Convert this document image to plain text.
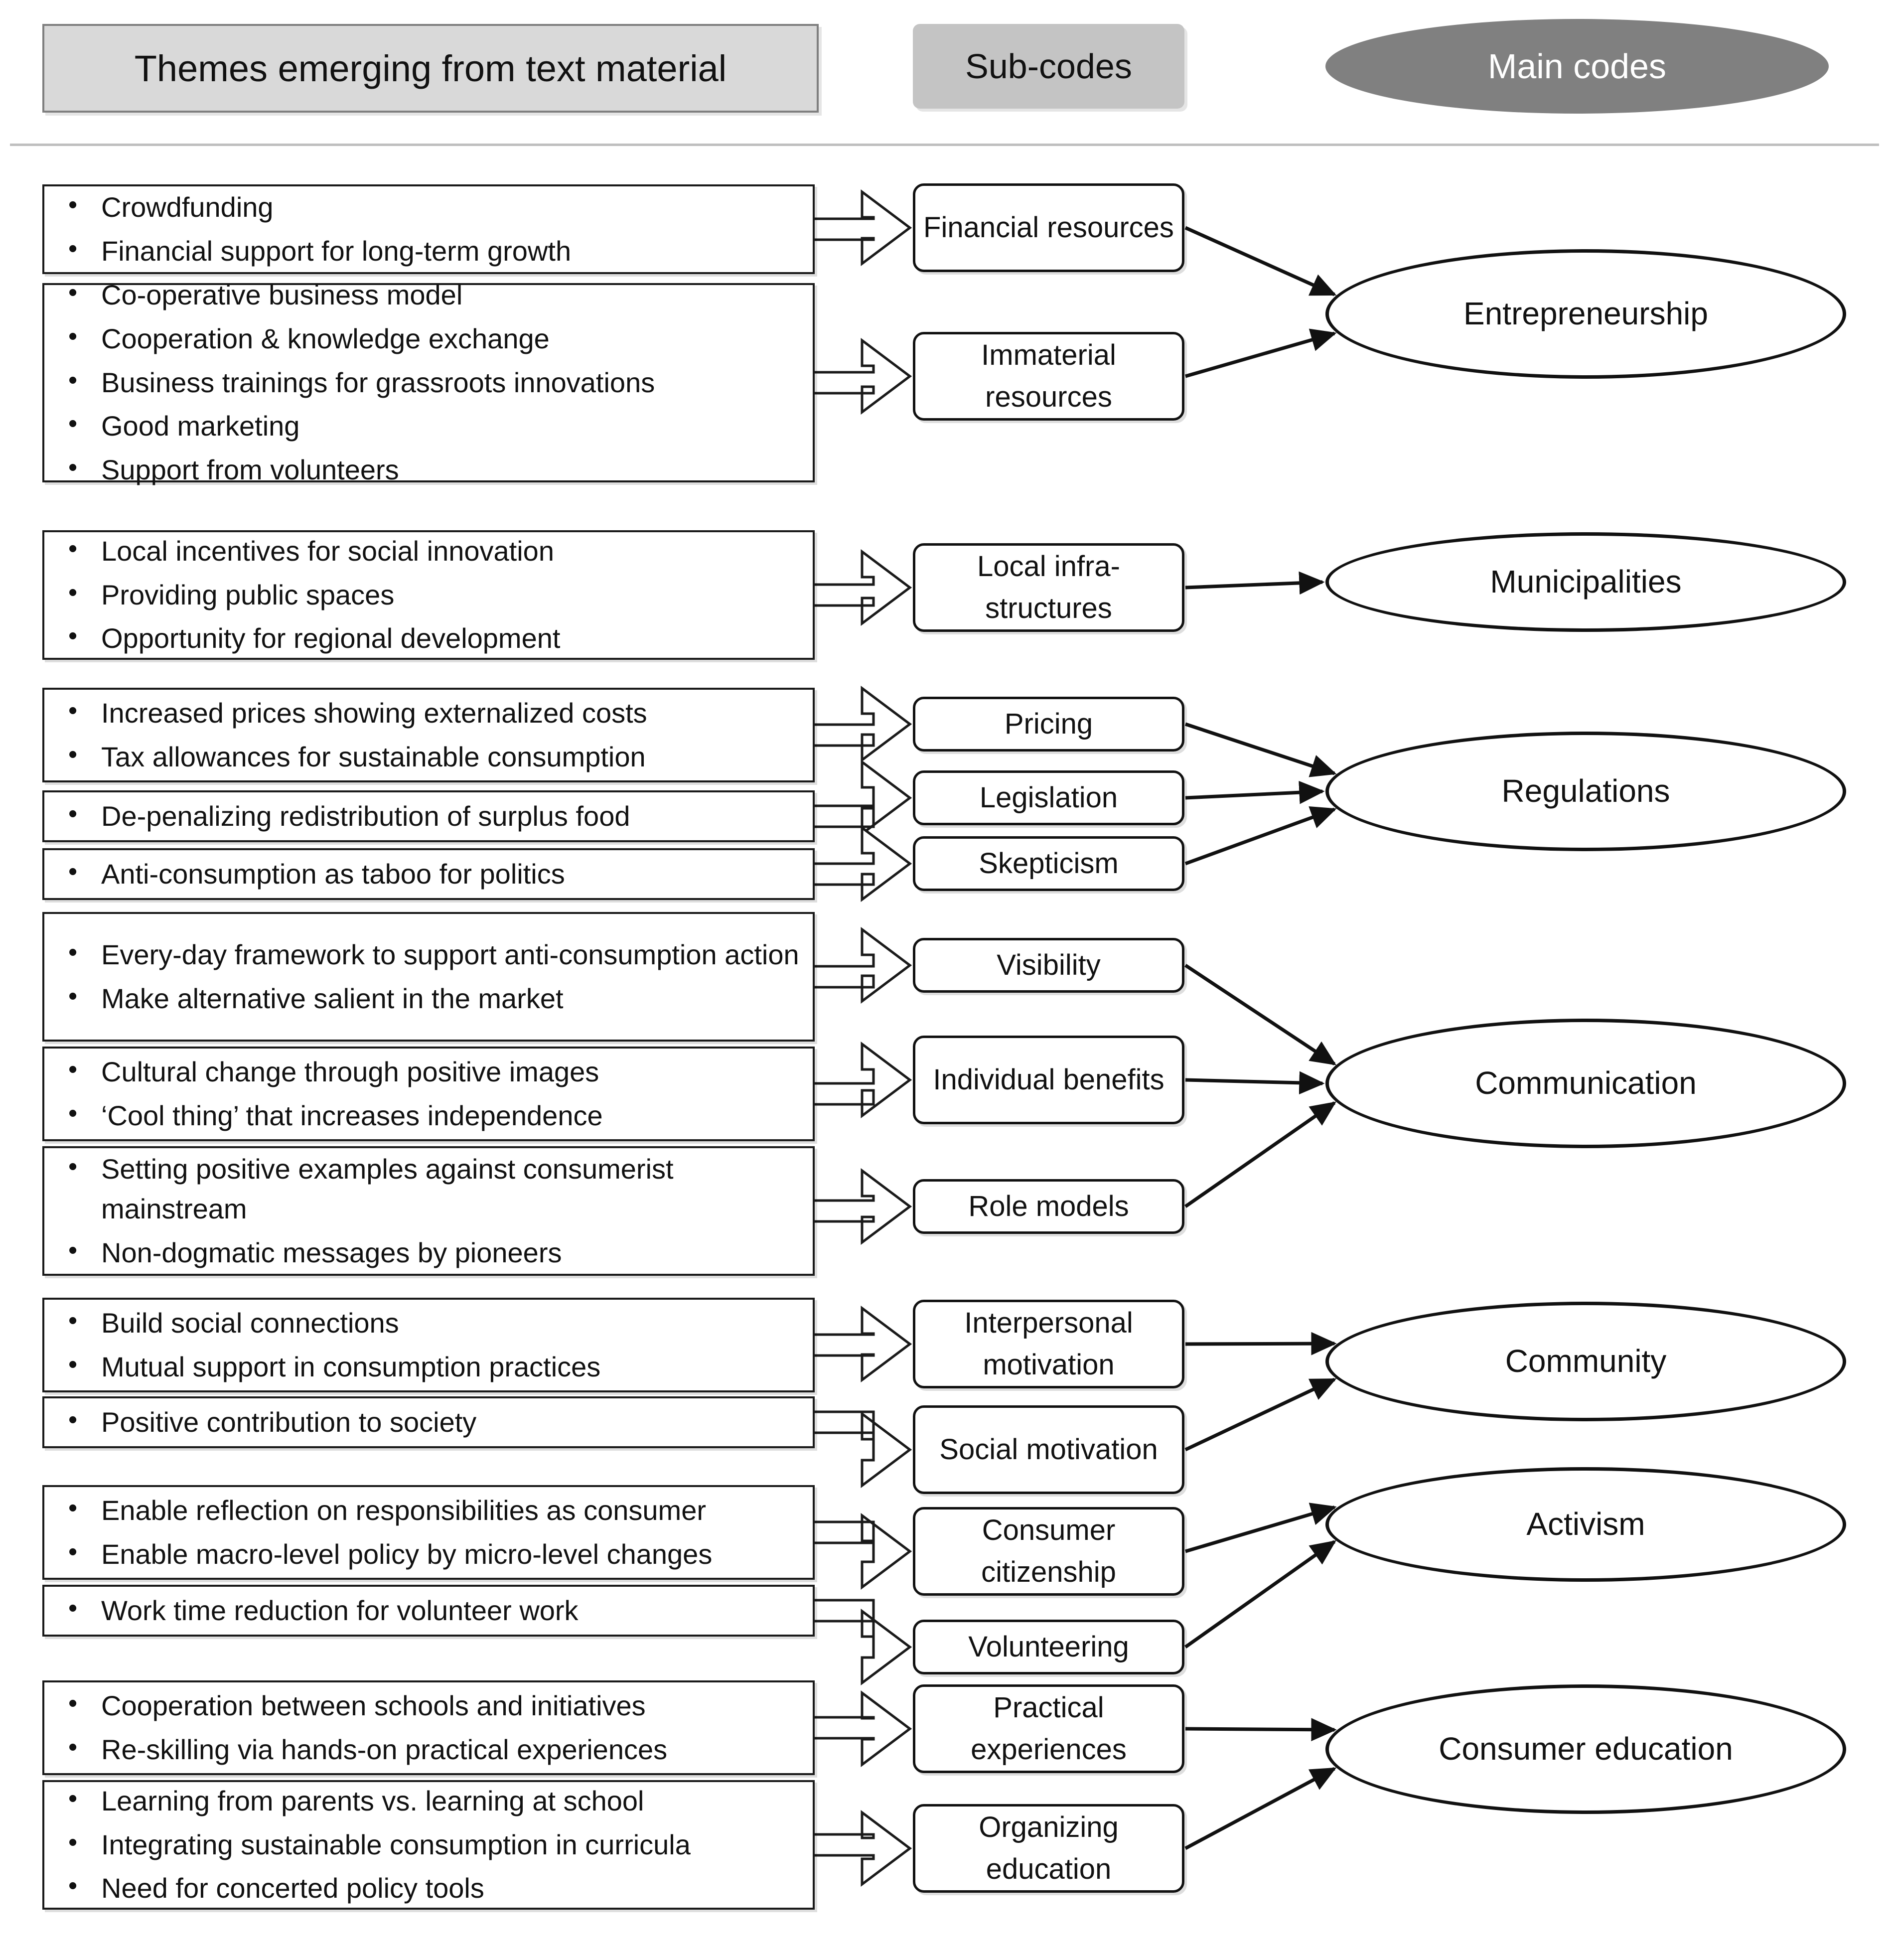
Themes emerging from text material	Sub-codes	Main codes
• Crowdfunding
• Financial support for long-term growth
• Co-operative business model
• Cooperation & knowledge exchange
• Business trainings for grassroots innovations
• Good marketing
• Support from volunteers
• Local incentives for social innovation
• Providing public spaces
• Opportunity for regional development
• Increased prices showing externalized costs
• Tax allowances for sustainable consumption
• De-penalizing redistribution of surplus food
• Anti-consumption as taboo for politics
• Every-day framework to support anti-consumption action
• Make alternative salient in the market
• Cultural change through positive images
• ‘Cool thing’ that increases independence
• Setting positive examples against consumerist mainstream
• Non-dogmatic messages by pioneers
• Build social connections
• Mutual support in consumption practices
• Positive contribution to society
• Enable reflection on responsibilities as consumer
• Enable macro-level policy by micro-level changes
• Work time reduction for volunteer work
• Cooperation between schools and initiatives
• Re-skilling via hands-on practical experiences
• Learning from parents vs. learning at school
• Integrating sustainable consumption in curricula
• Need for concerted policy tools
Financial resources
Immaterial resources
Local infra-structures
Pricing
Legislation
Skepticism
Visibility
Individual benefits
Role models
Interpersonal motivation
Social motivation
Consumer citizenship
Volunteering
Practical experiences
Organizing education
Entrepreneurship
Municipalities
Regulations
Communication
Community
Activism
Consumer education
